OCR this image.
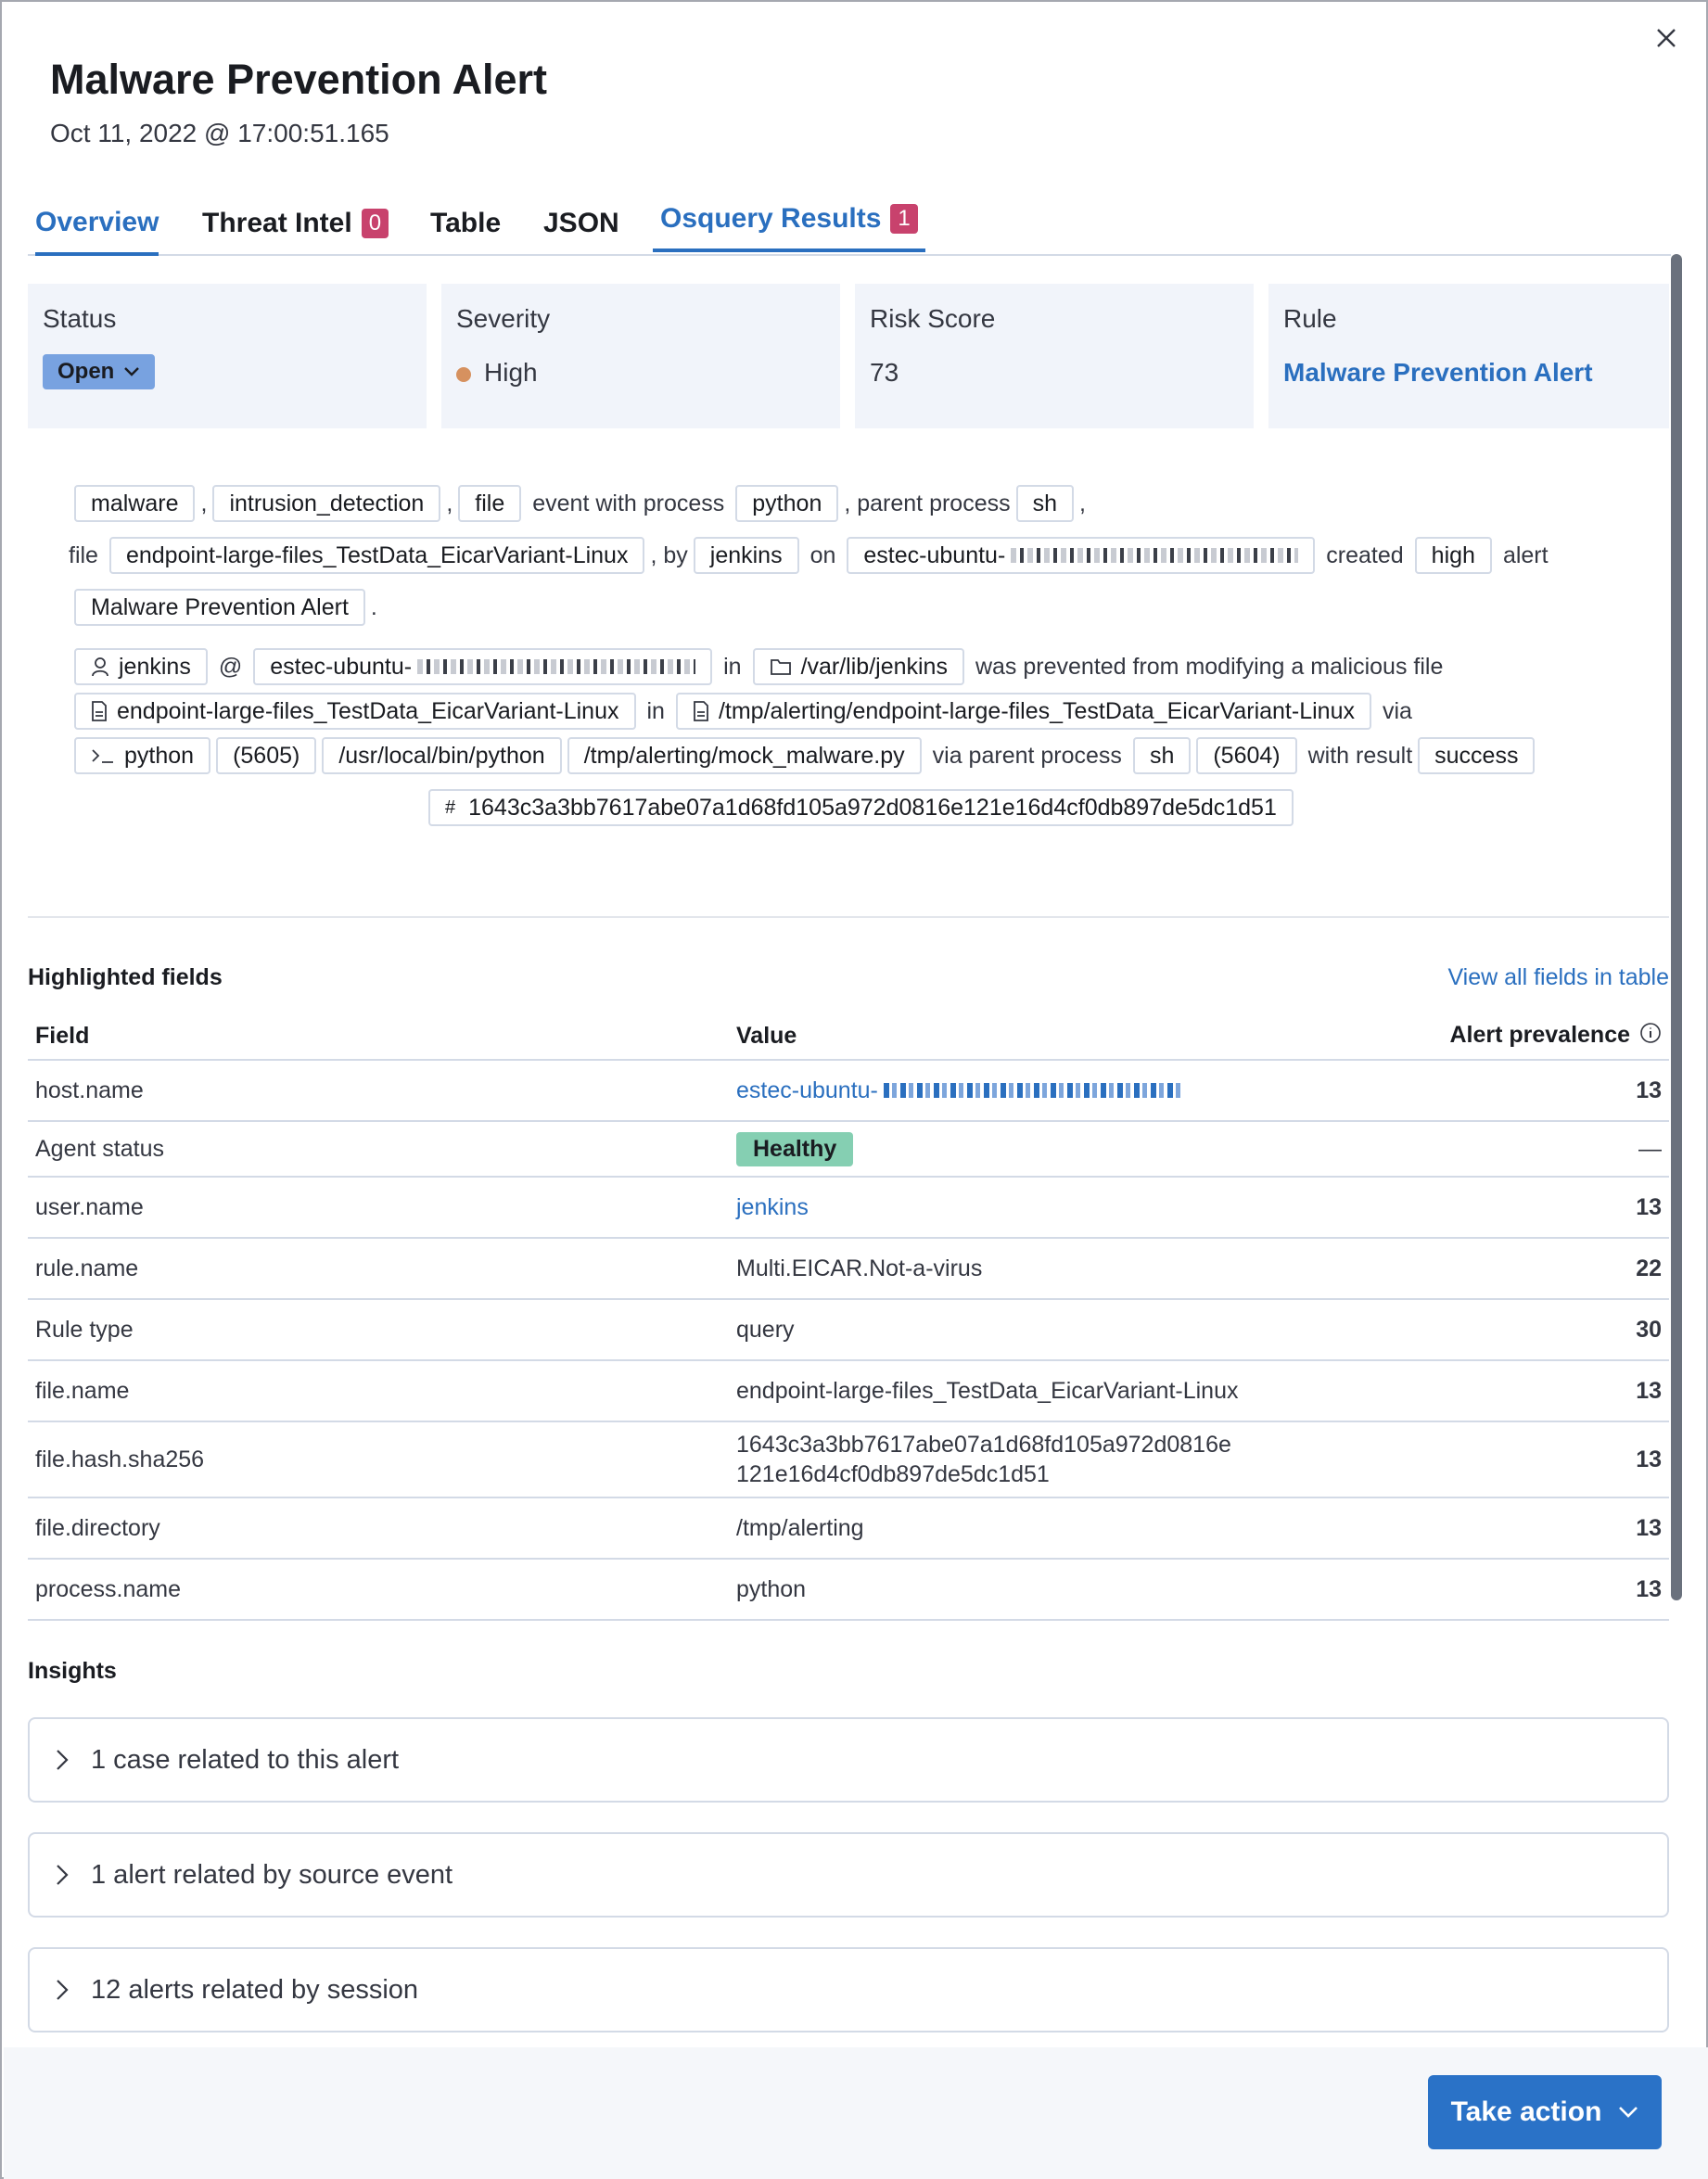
Malware Prevention Alert
Oct 11, 2022 @ 17:00:51.165
Overview Threat Intel 0 Table JSON Osquery Results 1
Status
Open
Severity
High
Risk Score
73
Rule
Malware Prevention Alert
malware , intrusion_detection , file	event with process	python , parent process sh ,
file	endpoint-large-files_TestData_EicarVariant-Linux , by jenkins	on estec-ubuntu-	created	high	alert
Malware Prevention Alert .
jenkins @ estec-ubuntu-	in	/var/lib/jenkins was prevented from modifying a malicious file
endpoint-large-files_TestData_EicarVariant-Linux in /tmp/alerting/endpoint-large-files_TestData_EicarVariant-Linux via
python	(5605)	/usr/local/bin/python	/tmp/alerting/mock_malware.py	via parent process	sh	(5604)	with result success
# 1643c3a3bb7617abe07a1d68fd105a972d0816e121e16d4cf0db897de5dc1d51
Highlighted fields	View all fields in table
Field	Value	Alert prevalence
host.name	estec-ubuntu-	13
Agent status	Healthy	—
user.name	jenkins	13
rule.name	Multi.EICAR.Not-a-virus	22
Rule type	query	30
file.name	endpoint-large-files_TestData_EicarVariant-Linux	13
file.hash.sha256	1643c3a3bb7617abe07a1d68fd105a972d0816e
121e16d4cf0db897de5dc1d51	13
file.directory	/tmp/alerting	13
process.name	python	13
Insights
1 case related to this alert
1 alert related by source event
12 alerts related by session
Take action
